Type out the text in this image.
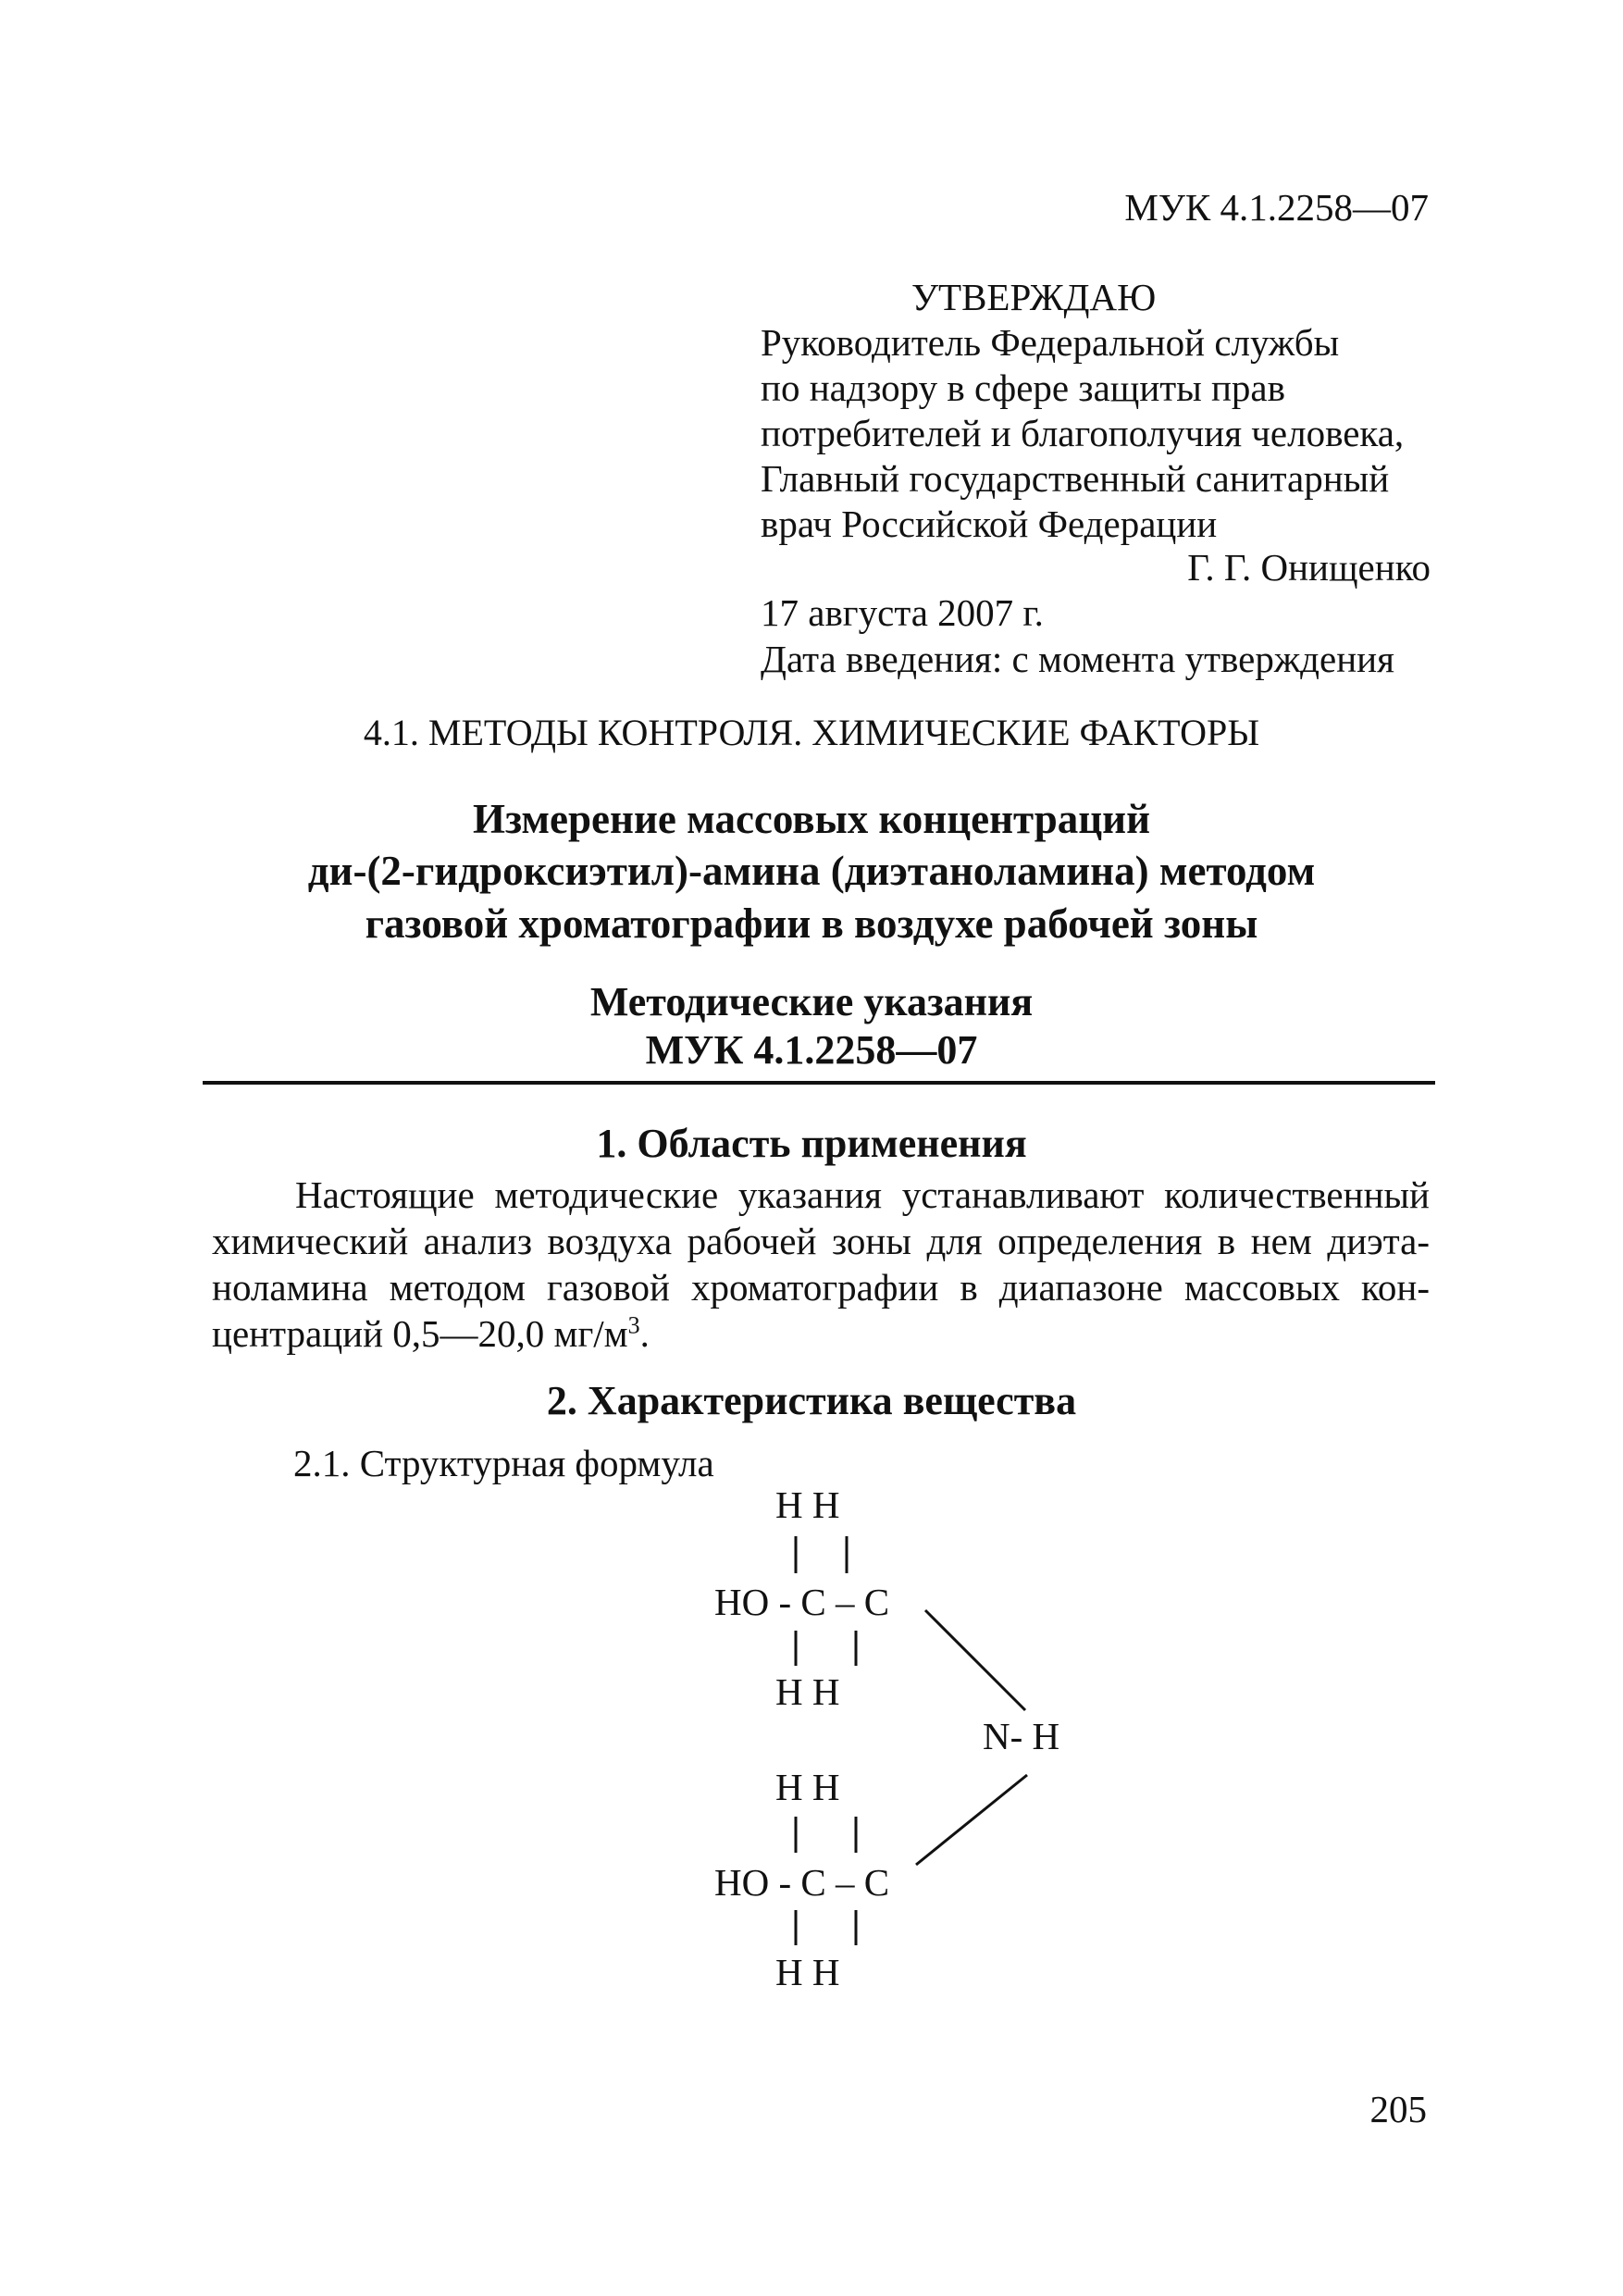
МУК 4.1.2258—07
УТВЕРЖДАЮ
Руководитель Федеральной службы
по надзору в сфере защиты прав
потребителей и благополучия человека,
Главный государственный санитарный
врач Российской Федерации
Г. Г. Онищенко
17 августа 2007 г.
Дата введения: с момента утверждения
4.1. МЕТОДЫ КОНТРОЛЯ. ХИМИЧЕСКИЕ ФАКТОРЫ
Измерение массовых концентраций
ди-(2-гидроксиэтил)-амина (диэтаноламина) методом
газовой хроматографии в воздухе рабочей зоны
Методические указания
МУК 4.1.2258—07
1. Область применения
Настоящие методические указания устанавливают количественный
химический анализ воздуха рабочей зоны для определения в нем диэта-
ноламина методом газовой хроматографии в диапазоне массовых кон-
центраций 0,5—20,0 $мг/м^3$.
2. Характеристика вещества
2.1. Структурная формула
H H
HO - C – C
H H
N- H
H H
HO - C – C
H H
205
